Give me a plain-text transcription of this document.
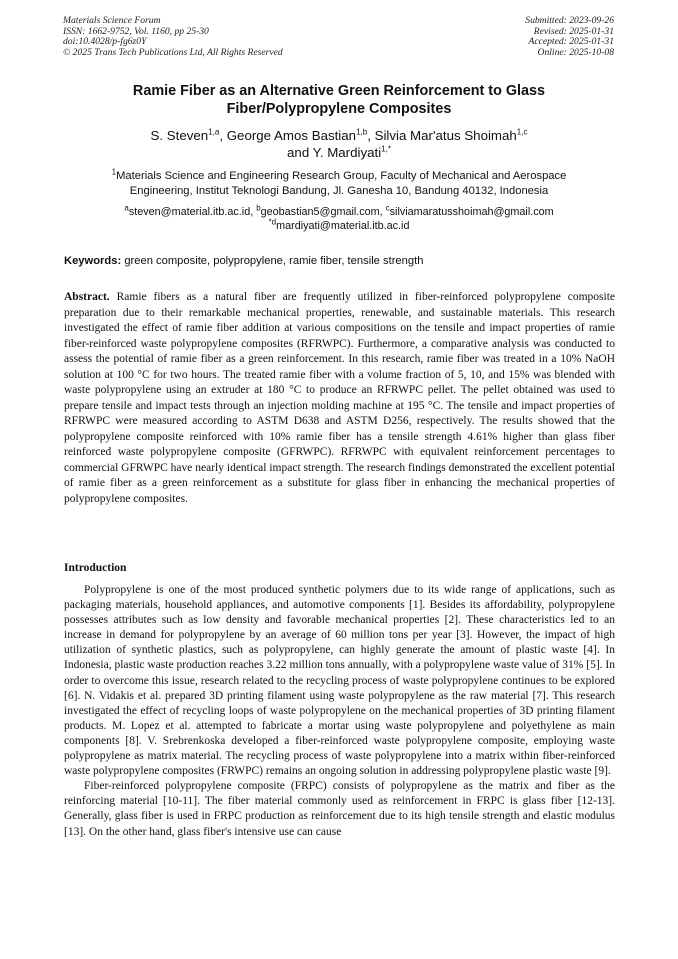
Materials Science Forum
ISSN: 1662-9752, Vol. 1160, pp 25-30
doi:10.4028/p-fg6z0Y
© 2025 Trans Tech Publications Ltd, All Rights Reserved
Submitted: 2023-09-26
Revised: 2025-01-31
Accepted: 2025-01-31
Online: 2025-10-08
Ramie Fiber as an Alternative Green Reinforcement to Glass
Fiber/Polypropylene Composites
S. Steven$^{1,a}$, George Amos Bastian$^{1,b}$, Silvia Mar'atus Shoimah$^{1,c}$
and Y. Mardiyati$^{1,*}$
$^1$Materials Science and Engineering Research Group, Faculty of Mechanical and Aerospace
Engineering, Institut Teknologi Bandung, Jl. Ganesha 10, Bandung 40132, Indonesia
$^a$steven@material.itb.ac.id, $^b$geobastian5@gmail.com, $^c$silviamaratusshoimah@gmail.com
$^{*d}$mardiyati@material.itb.ac.id
Keywords: green composite, polypropylene, ramie fiber, tensile strength

Abstract. Ramie fibers as a natural fiber are frequently utilized in fiber-reinforced polypropylene composite preparation due to their remarkable mechanical properties, renewable, and sustainable materials. This research investigated the effect of ramie fiber addition at various compositions on the tensile and impact properties of ramie fiber-reinforced waste polypropylene composites (RFRWPC). Furthermore, a comparative analysis was conducted to assess the potential of ramie fiber as a green reinforcement. In this research, ramie fiber was treated in a 10% NaOH solution at 100 °C for two hours. The treated ramie fiber with a volume fraction of 5, 10, and 15% was blended with waste polypropylene using an extruder at 180 °C to produce an RFRWPC pellet. The pellet obtained was used to prepare tensile and impact tests through an injection molding machine at 195 °C. The tensile and impact properties of RFRWPC were measured according to ASTM D638 and ASTM D256, respectively. The results showed that the polypropylene composite reinforced with 10% ramie fiber has a tensile strength 4.61% higher than glass fiber reinforced waste polypropylene composite (GFRWPC). RFRWPC with equivalent reinforcement percentages to commercial GFRWPC have nearly identical impact strength. The research findings demonstrated the excellent potential of ramie fiber as a green reinforcement as a substitute for glass fiber in enhancing the mechanical properties of polypropylene composites.

Introduction

Polypropylene is one of the most produced synthetic polymers due to its wide range of applications, such as packaging materials, household appliances, and automotive components [1]. Besides its affordability, polypropylene possesses attributes such as low density and favorable mechanical properties [2]. These characteristics led to an increase in demand for polypropylene by an average of 60 million tons per year [3]. However, the impact of high utilization of synthetic plastics, such as polypropylene, can highly generate the amount of plastic waste [4]. In Indonesia, plastic waste production reaches 3.22 million tons annually, with a polypropylene waste value of 31% [5]. In order to overcome this issue, research related to the recycling process of waste polypropylene continues to be explored [6]. N. Vidakis et al. prepared 3D printing filament using waste polypropylene as the raw material [7]. This research investigated the effect of recycling loops of waste polypropylene on the mechanical properties of 3D printing filament products. M. Lopez et al. attempted to fabricate a mortar using waste polypropylene and polyethylene as main components [8]. V. Srebrenkoska developed a fiber-reinforced waste polypropylene composite, employing waste polypropylene as matrix material. The recycling process of waste polypropylene into a matrix within fiber-reinforced waste polypropylene composites (FRWPC) remains an ongoing solution in addressing polypropylene plastic waste [9].

Fiber-reinforced polypropylene composite (FRPC) consists of polypropylene as the matrix and fiber as the reinforcing material [10-11]. The fiber material commonly used as reinforcement in FRPC is glass fiber [12-13]. Generally, glass fiber is used in FRPC production as reinforcement due to its high tensile strength and elastic modulus [13]. On the other hand, glass fiber's intensive use can cause
